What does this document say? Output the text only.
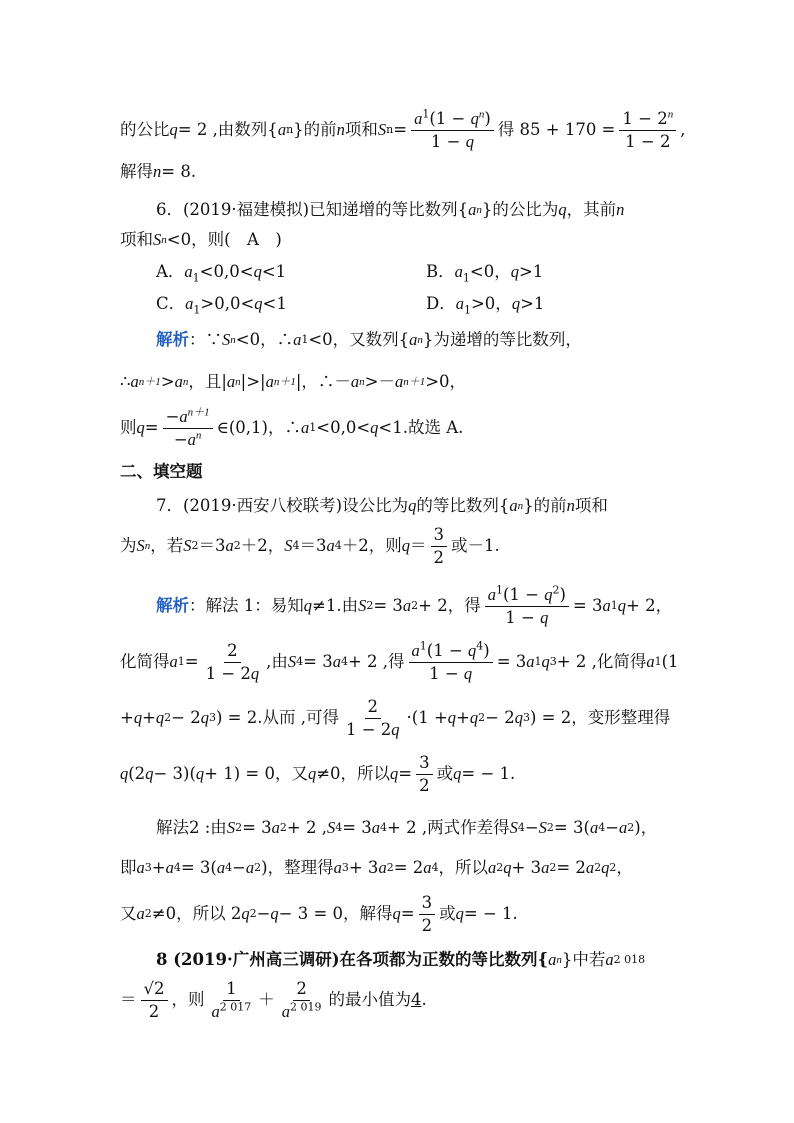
的公比 q = 2 ,由数列{ a n }的前 n 项和 S $n = \frac{a^1(1 - q^n)}{1 - q}$ 得 $85 + 170 = \frac{1 - 2^n}{1 - 2}$ ,
解得 n = 8.
6．(2019·福建模拟)已知递增的等比数列{ a n }的公比为 q ，其前 n
项和 S n <0，则(　A　)
A．$a_1<0,0<q<1$	B．$a_1<0$，q>1
C．$a_1>0,0<q<1$	D．$a_1>0$，q>1
解析 ：∵ S n <0，∴ a 1 <0，又数列{ a n }为递增的等比数列，
∴ a n＋1 > a n ，且| a n |>| a n＋1 |，∴－ a n >－ a n＋1 >0，
则 $q = \frac{-a^{n+1}}{-a^n}$ ∈(0,1)，∴ a 1 <0,0< q <1.故选 A.
二、填空题
7．(2019·西安八校联考)设公比为 q 的等比数列{ a n }的前 n 项和
为 S n ，若 S 2 ＝3 a 2 ＋2， S 4 ＝3 a 4 ＋2，则 $q = \frac{3}{2}$ 或－1.
解析 ：解法 1：易知 q ≠1.由 S 2 = 3 a 2 + 2，得 $\frac{a^1(1 - q^2)}{1 - q} = 3$ a 1 q + 2，
化简得 a $1 = \frac{2}{1 - 2q}$ ,由 S 4 = 3 a 4 + 2 ,得 $\frac{a^1(1 - q^4)}{1 - q} = 3$ a 1 q 3 + 2 ,化简得 a 1 (1
+ q + q 2 − 2 q 3 ) = 2.从而 ,可得 $\frac{2}{1 - 2q} \cdot(1 + q + q$ 2 − 2 q 3 ) = 2，变形整理得
q (2 q − 3)( q + 1) = 0，又 q ≠0，所以 $q = \frac{3}{2}$ 或 q = − 1.
解法2 :由 S 2 = 3 a 2 + 2 , S 4 = 3 a 4 + 2 ,两式作差得 S 4 − S 2 = 3( a 4 − a 2 )，
即 a 3 + a 4 = 3( a 4 − a 2 )，整理得 a 3 + 3 a 2 = 2 a 4 ，所以 a 2 q + 3 a 2 = 2 a 2 q 2 ，
又 a 2 ≠0，所以 2 q 2 − q − 3 = 0，解得 $q = \frac{3}{2}$ 或 q = − 1.
8 (2019·广州高三调研)在各项都为正数的等比数列{ a n }中若 a 2 018
＝ $\frac{√2}{2}$ ，则 $\frac{1}{a^{2 017}} + \frac{2}{a^{2 019}}$ 的最小值为 4 .
